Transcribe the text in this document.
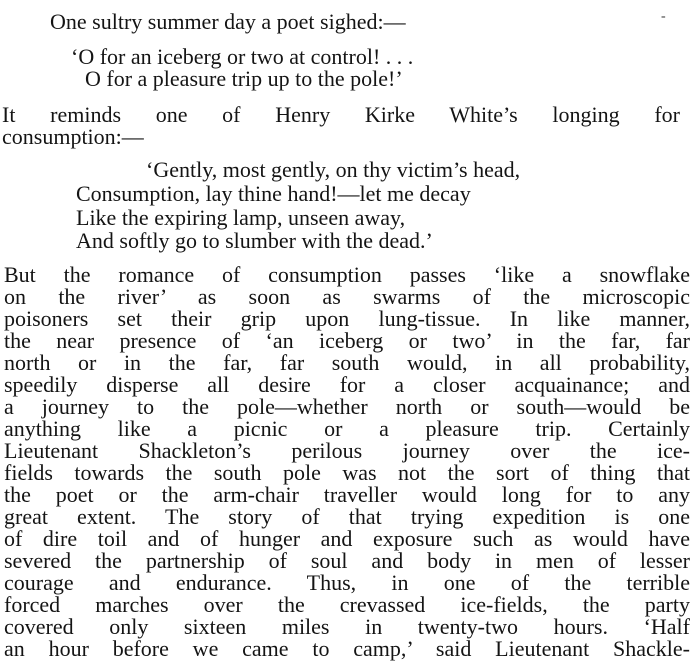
-
One sultry summer day a poet sighed:—
‘O for an iceberg or two at control! . . .
O for a pleasure trip up to the pole!’
It reminds one of Henry Kirke White’s longing for
consumption:—
‘Gently, most gently, on thy victim’s head,
Consumption, lay thine hand!—let me decay
Like the expiring lamp, unseen away,
And softly go to slumber with the dead.’
But the romance of consumption passes ‘like a snowflake
on the river’ as soon as swarms of the microscopic
poisoners set their grip upon lung-tissue. In like manner,
the near presence of ‘an iceberg or two’ in the far, far
north or in the far, far south would, in all probability,
speedily disperse all desire for a closer acquainance; and
a journey to the pole—whether north or south—would be
anything like a picnic or a pleasure trip. Certainly
Lieutenant Shackleton’s perilous journey over the ice-
fields towards the south pole was not the sort of thing that
the poet or the arm-chair traveller would long for to any
great extent. The story of that trying expedition is one
of dire toil and of hunger and exposure such as would have
severed the partnership of soul and body in men of lesser
courage and endurance. Thus, in one of the terrible
forced marches over the crevassed ice-fields, the party
covered only sixteen miles in twenty-two hours. ‘Half
an hour before we came to camp,’ said Lieutenant Shackle-
